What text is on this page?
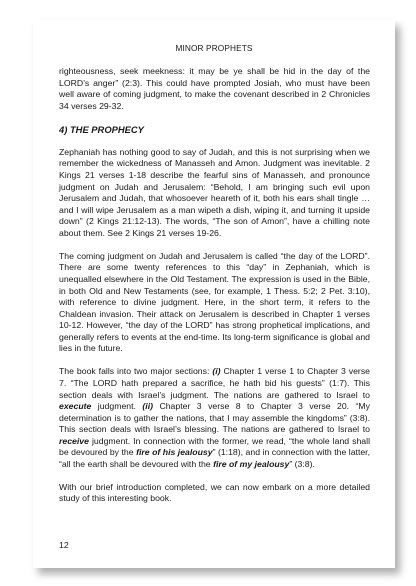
MINOR PROPHETS

righteousness, seek meekness: it may be ye shall be hid in the day of the LORD’s anger” (2:3). This could have prompted Josiah, who must have been well aware of coming judgment, to make the covenant described in 2 Chronicles 34 verses 29-32.

4) THE PROPHECY

Zephaniah has nothing good to say of Judah, and this is not surprising when we remember the wickedness of Manasseh and Amon. Judgment was inevitable. 2 Kings 21 verses 1-18 describe the fearful sins of Manasseh, and pronounce judgment on Judah and Jerusalem: “Behold, I am bringing such evil upon Jerusalem and Judah, that whosoever heareth of it, both his ears shall tingle … and I will wipe Jerusalem as a man wipeth a dish, wiping it, and turning it upside down” (2 Kings 21:12-13). The words, “The son of Amon”, have a chilling note about them. See 2 Kings 21 verses 19-26.

The coming judgment on Judah and Jerusalem is called “the day of the LORD”. There are some twenty references to this “day” in Zephaniah, which is unequalled elsewhere in the Old Testament. The expression is used in the Bible, in both Old and New Testaments (see, for example, 1 Thess. 5:2; 2 Pet. 3:10), with reference to divine judgment. Here, in the short term, it refers to the Chaldean invasion. Their attack on Jerusalem is described in Chapter 1 verses 10-12. However, “the day of the LORD” has strong prophetical implications, and generally refers to events at the end-time. Its long-term significance is global and lies in the future.

The book falls into two major sections: (i) Chapter 1 verse 1 to Chapter 3 verse 7. “The LORD hath prepared a sacrifice, he hath bid his guests” (1:7). This section deals with Israel’s judgment. The nations are gathered to Israel to execute judgment. (ii) Chapter 3 verse 8 to Chapter 3 verse 20. “My determination is to gather the nations, that I may assemble the kingdoms” (3:8). This section deals with Israel’s blessing. The nations are gathered to Israel to receive judgment. In connection with the former, we read, “the whole land shall be devoured by the fire of his jealousy” (1:18), and in connection with the latter, “all the earth shall be devoured with the fire of my jealousy” (3:8).

With our brief introduction completed, we can now embark on a more detailed study of this interesting book.

12
